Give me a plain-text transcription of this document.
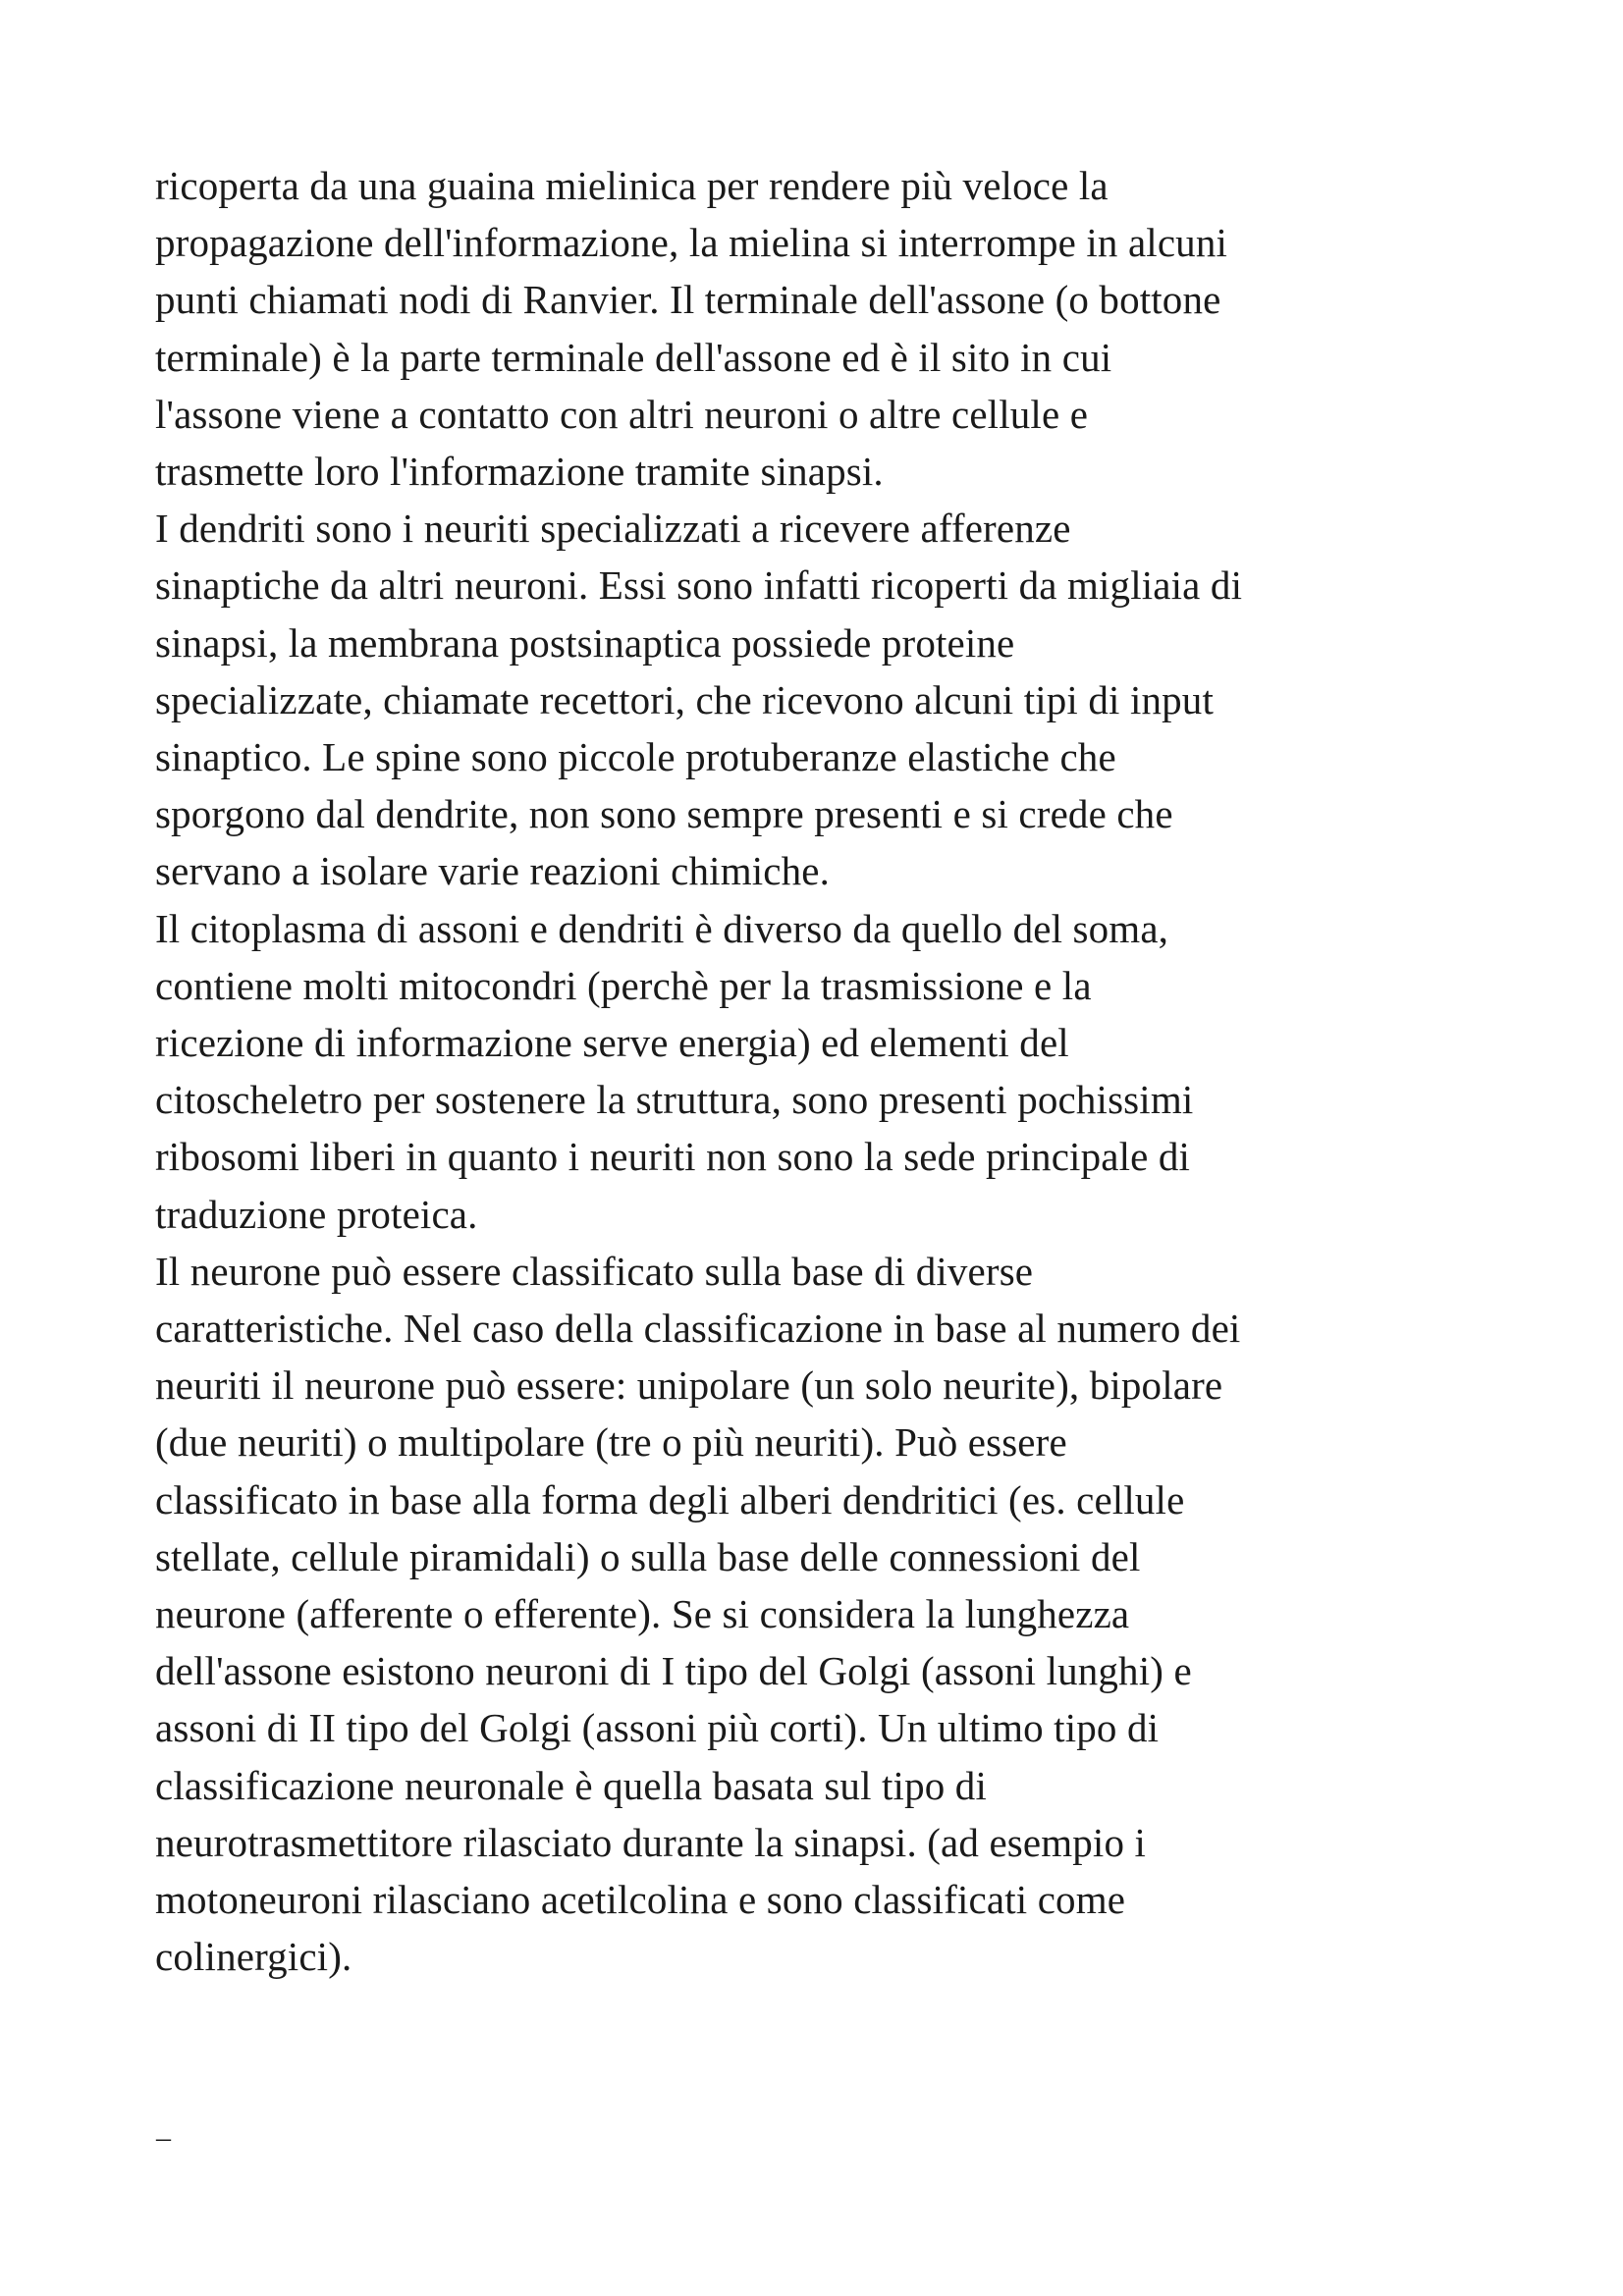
ricoperta da una guaina mielinica per rendere più veloce la
propagazione dell'informazione, la mielina si interrompe in alcuni
punti chiamati nodi di Ranvier. Il terminale dell'assone (o bottone
terminale) è la parte terminale dell'assone ed è il sito in cui
l'assone viene a contatto con altri neuroni o altre cellule e
trasmette loro l'informazione tramite sinapsi.
I dendriti sono i neuriti specializzati a ricevere afferenze
sinaptiche da altri neuroni. Essi sono infatti ricoperti da migliaia di
sinapsi, la membrana postsinaptica possiede proteine
specializzate, chiamate recettori, che ricevono alcuni tipi di input
sinaptico. Le spine sono piccole protuberanze elastiche che
sporgono dal dendrite, non sono sempre presenti e si crede che
servano a isolare varie reazioni chimiche.
Il citoplasma di assoni e dendriti è diverso da quello del soma,
contiene molti mitocondri (perchè per la trasmissione e la
ricezione di informazione serve energia) ed elementi del
citoscheletro per sostenere la struttura, sono presenti pochissimi
ribosomi liberi in quanto i neuriti non sono la sede principale di
traduzione proteica.
Il neurone può essere classificato sulla base di diverse
caratteristiche. Nel caso della classificazione in base al numero dei
neuriti il neurone può essere: unipolare (un solo neurite), bipolare
(due neuriti) o multipolare (tre o più neuriti). Può essere
classificato in base alla forma degli alberi dendritici (es. cellule
stellate, cellule piramidali) o sulla base delle connessioni del
neurone (afferente o efferente). Se si considera la lunghezza
dell'assone esistono neuroni di I tipo del Golgi (assoni lunghi) e
assoni di II tipo del Golgi (assoni più corti). Un ultimo tipo di
classificazione neuronale è quella basata sul tipo di
neurotrasmettitore rilasciato durante la sinapsi. (ad esempio i
motoneuroni rilasciano acetilcolina e sono classificati come
colinergici).
–
